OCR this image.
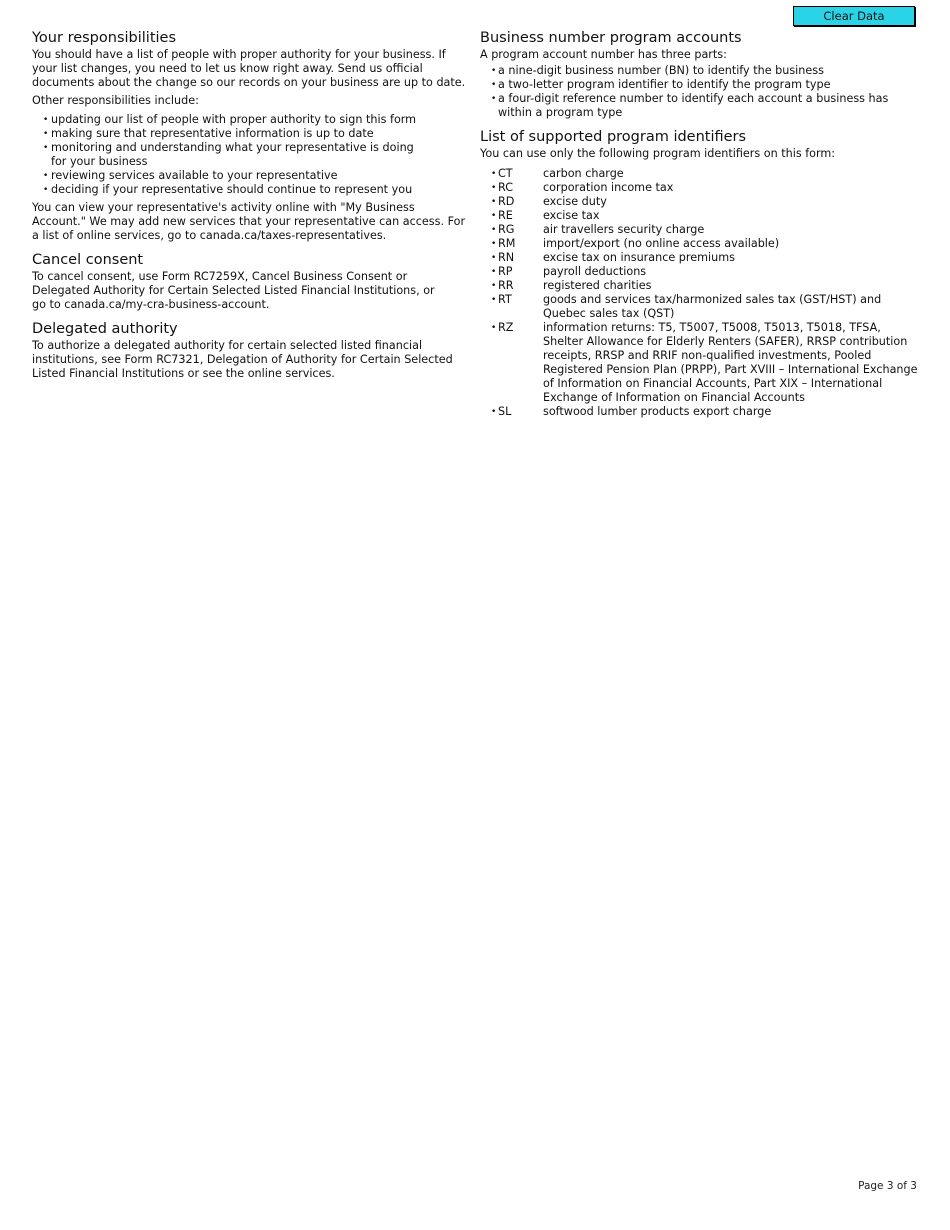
Clear Data
Your responsibilities

You should have a list of people with proper authority for your business. If your list changes, you need to let us know right away. Send us official documents about the change so our records on your business are up to date.

Other responsibilities include:

• updating our list of people with proper authority to sign this form
• making sure that representative information is up to date
• monitoring and understanding what your representative is doing for your business
• reviewing services available to your representative
• deciding if your representative should continue to represent you

You can view your representative's activity online with "My Business Account." We may add new services that your representative can access. For a list of online services, go to canada.ca/taxes-representatives.

Cancel consent

To cancel consent, use Form RC7259X, Cancel Business Consent or Delegated Authority for Certain Selected Listed Financial Institutions, or go to canada.ca/my-cra-business-account.

Delegated authority

To authorize a delegated authority for certain selected listed financial institutions, see Form RC7321, Delegation of Authority for Certain Selected Listed Financial Institutions or see the online services.

Business number program accounts

A program account number has three parts:

• a nine-digit business number (BN) to identify the business
• a two-letter program identifier to identify the program type
• a four-digit reference number to identify each account a business has within a program type
List of supported program identifiers

You can use only the following program identifiers on this form:

• CT	carbon charge
• RC	corporation income tax
• RD	excise duty
• RE	excise tax
• RG	air travellers security charge
• RM	import/export (no online access available)
• RN	excise tax on insurance premiums
• RP	payroll deductions
• RR	registered charities
• RT	goods and services tax/harmonized sales tax (GST/HST) and Quebec sales tax (QST)
• RZ	information returns: T5, T5007, T5008, T5013, T5018, TFSA, Shelter Allowance for Elderly Renters (SAFER), RRSP contribution receipts, RRSP and RRIF non-qualified investments, Pooled Registered Pension Plan (PRPP), Part XVIII – International Exchange of Information on Financial Accounts, Part XIX – International Exchange of Information on Financial Accounts
• SL	softwood lumber products export charge
Page 3 of 3
